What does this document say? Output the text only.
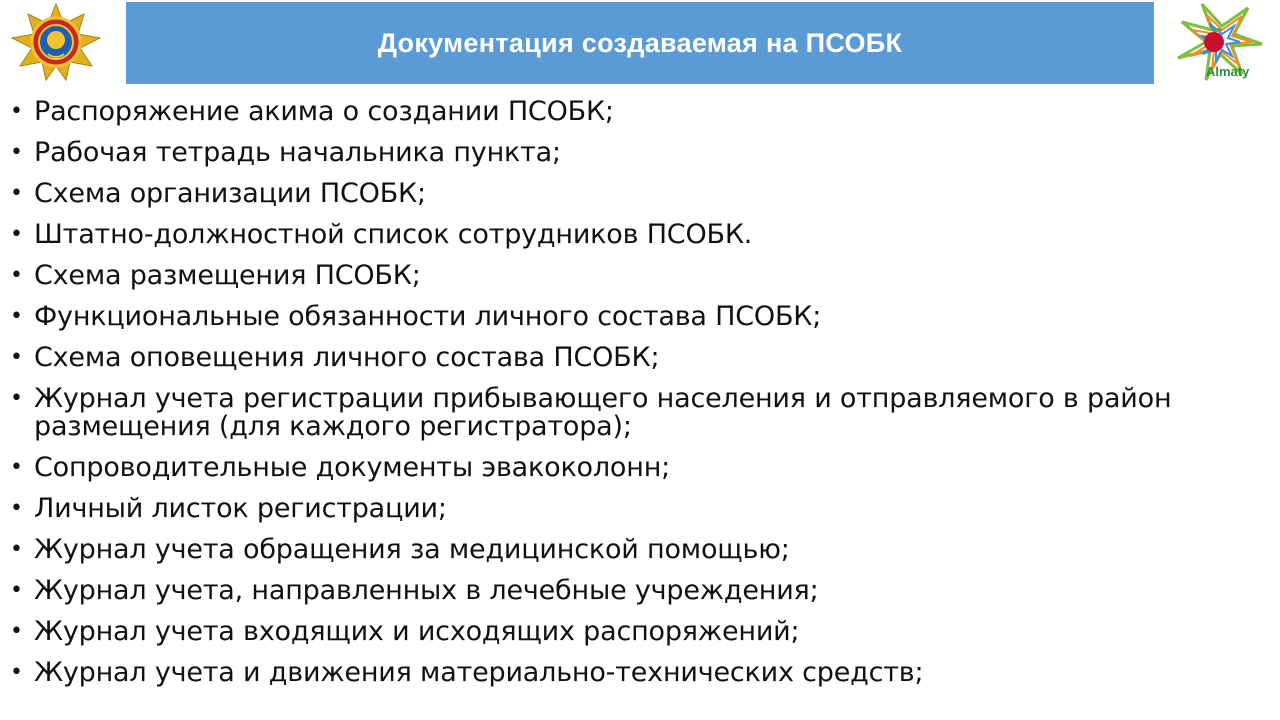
Документация создаваемая на ПСОБК
Almaty
• Распоряжение акима о создании ПСОБК;
• Рабочая тетрадь начальника пункта;
• Схема организации ПСОБК;
• Штатно-должностной список сотрудников ПСОБК.
• Схема размещения ПСОБК;
• Функциональные обязанности личного состава ПСОБК;
• Схема оповещения личного состава ПСОБК;
• Журнал учета регистрации прибывающего населения и отправляемого в район размещения (для каждого регистратора);
• Сопроводительные документы эвакоколонн;
• Личный листок регистрации;
• Журнал учета обращения за медицинской помощью;
• Журнал учета, направленных в лечебные учреждения;
• Журнал учета входящих и исходящих распоряжений;
• Журнал учета и движения материально-технических средств;
